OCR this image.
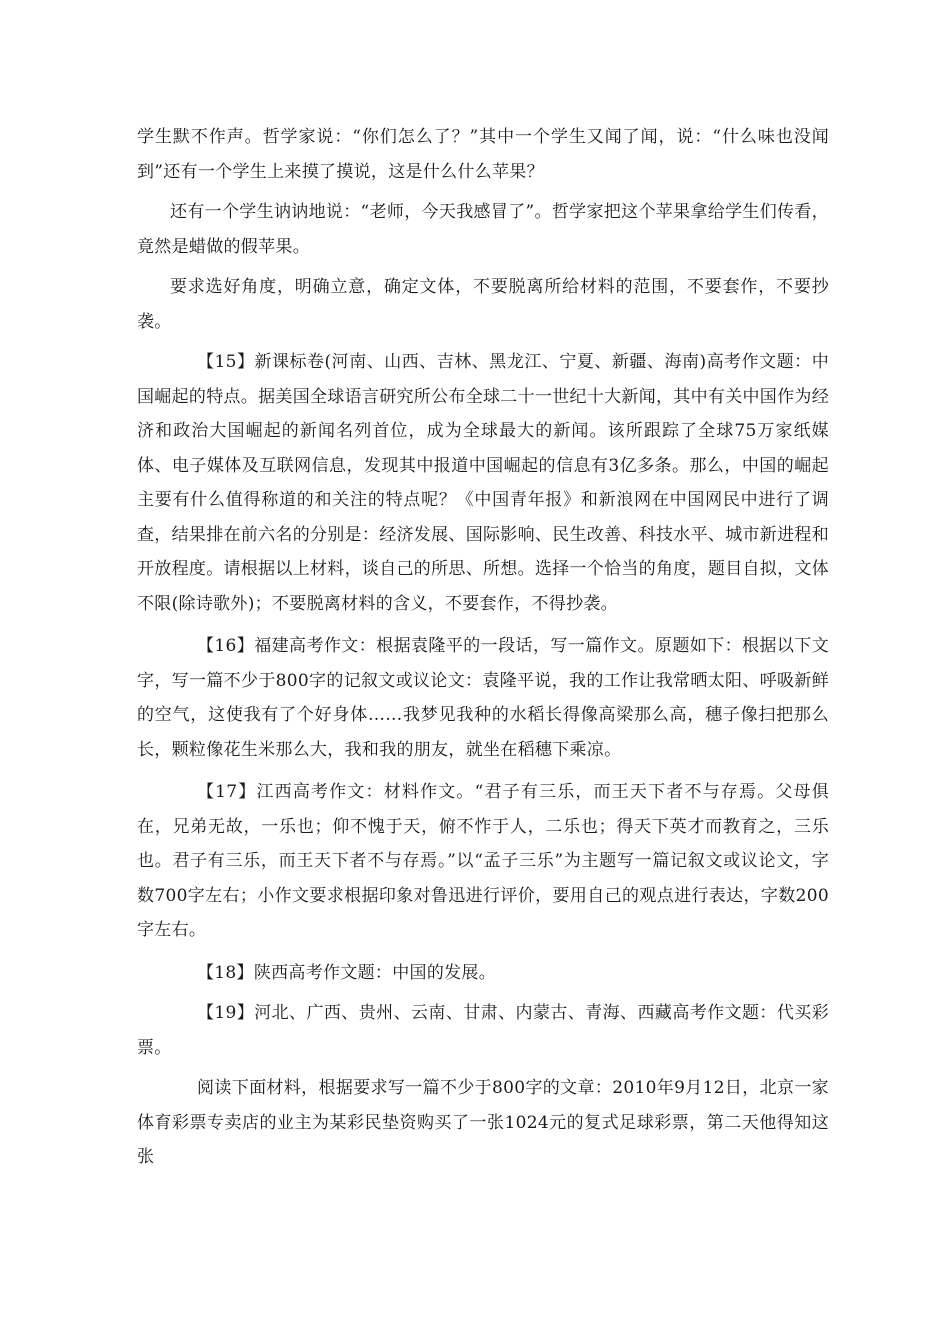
学生默不作声。哲学家说：“你们怎么了？”其中一个学生又闻了闻，说：“什么味也没闻到”还有一个学生上来摸了摸说，这是什么什么苹果？

还有一个学生讷讷地说：“老师，今天我感冒了”。哲学家把这个苹果拿给学生们传看，竟然是蜡做的假苹果。

要求选好角度，明确立意，确定文体，不要脱离所给材料的范围，不要套作，不要抄袭。

【15】新课标卷(河南、山西、吉林、黑龙江、宁夏、新疆、海南)高考作文题：中国崛起的特点。据美国全球语言研究所公布全球二十一世纪十大新闻，其中有关中国作为经济和政治大国崛起的新闻名列首位，成为全球最大的新闻。该所跟踪了全球75万家纸媒体、电子媒体及互联网信息，发现其中报道中国崛起的信息有3亿多条。那么，中国的崛起主要有什么值得称道的和关注的特点呢？《中国青年报》和新浪网在中国网民中进行了调查，结果排在前六名的分别是：经济发展、国际影响、民生改善、科技水平、城市新进程和开放程度。请根据以上材料，谈自己的所思、所想。选择一个恰当的角度，题目自拟，文体不限(除诗歌外)；不要脱离材料的含义，不要套作，不得抄袭。

【16】福建高考作文：根据袁隆平的一段话，写一篇作文。原题如下：根据以下文字，写一篇不少于800字的记叙文或议论文：袁隆平说，我的工作让我常晒太阳、呼吸新鲜的空气，这使我有了个好身体……我梦见我种的水稻长得像高梁那么高，穗子像扫把那么长，颗粒像花生米那么大，我和我的朋友，就坐在稻穗下乘凉。

【17】江西高考作文：材料作文。“君子有三乐，而王天下者不与存焉。父母俱在，兄弟无故，一乐也；仰不愧于天，俯不怍于人，二乐也；得天下英才而教育之，三乐也。君子有三乐，而王天下者不与存焉。”以“孟子三乐”为主题写一篇记叙文或议论文，字数700字左右；小作文要求根据印象对鲁迅进行评价，要用自己的观点进行表达，字数200字左右。

【18】陕西高考作文题：中国的发展。

【19】河北、广西、贵州、云南、甘肃、内蒙古、青海、西藏高考作文题：代买彩票。

阅读下面材料，根据要求写一篇不少于800字的文章：2010年9月12日，北京一家体育彩票专卖店的业主为某彩民垫资购买了一张1024元的复式足球彩票，第二天他得知这张
